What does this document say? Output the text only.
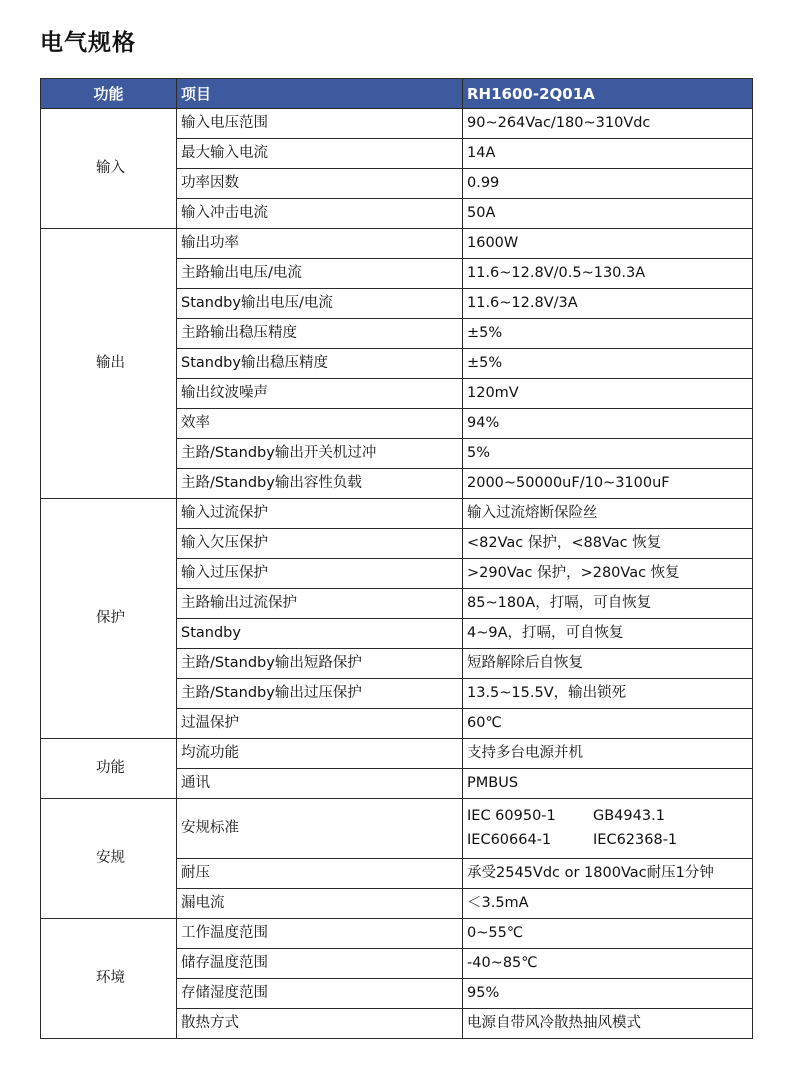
电气规格
功能	项目	RH1600-2Q01A
输入	输入电压范围	90~264Vac/180~310Vdc
	最大输入电流	14A
	功率因数	0.99
	输入冲击电流	50A
输出	输出功率	1600W
	主路输出电压/电流	11.6~12.8V/0.5~130.3A
	Standby输出电压/电流	11.6~12.8V/3A
	主路输出稳压精度	±5%
	Standby输出稳压精度	±5%
	输出纹波噪声	120mV
	效率	94%
	主路/Standby输出开关机过冲	5%
	主路/Standby输出容性负载	2000~50000uF/10~3100uF
保护	输入过流保护	输入过流熔断保险丝
	输入欠压保护	<82Vac 保护，<88Vac 恢复
	输入过压保护	>290Vac 保护，>280Vac 恢复
	主路输出过流保护	85~180A，打嗝，可自恢复
	Standby	4~9A，打嗝，可自恢复
	主路/Standby输出短路保护	短路解除后自恢复
	主路/Standby输出过压保护	13.5~15.5V，输出锁死
	过温保护	60℃
功能	均流功能	支持多台电源并机
	通讯	PMBUS
安规	安规标准	IEC 60950-1 GB4943.1
IEC60664-1 IEC62368-1

	耐压	承受2545Vdc or 1800Vac耐压1分钟
	漏电流	＜3.5mA
环境	工作温度范围	0~55℃
	储存温度范围	-40~85℃
	存储湿度范围	95%
	散热方式	电源自带风冷散热抽风模式
